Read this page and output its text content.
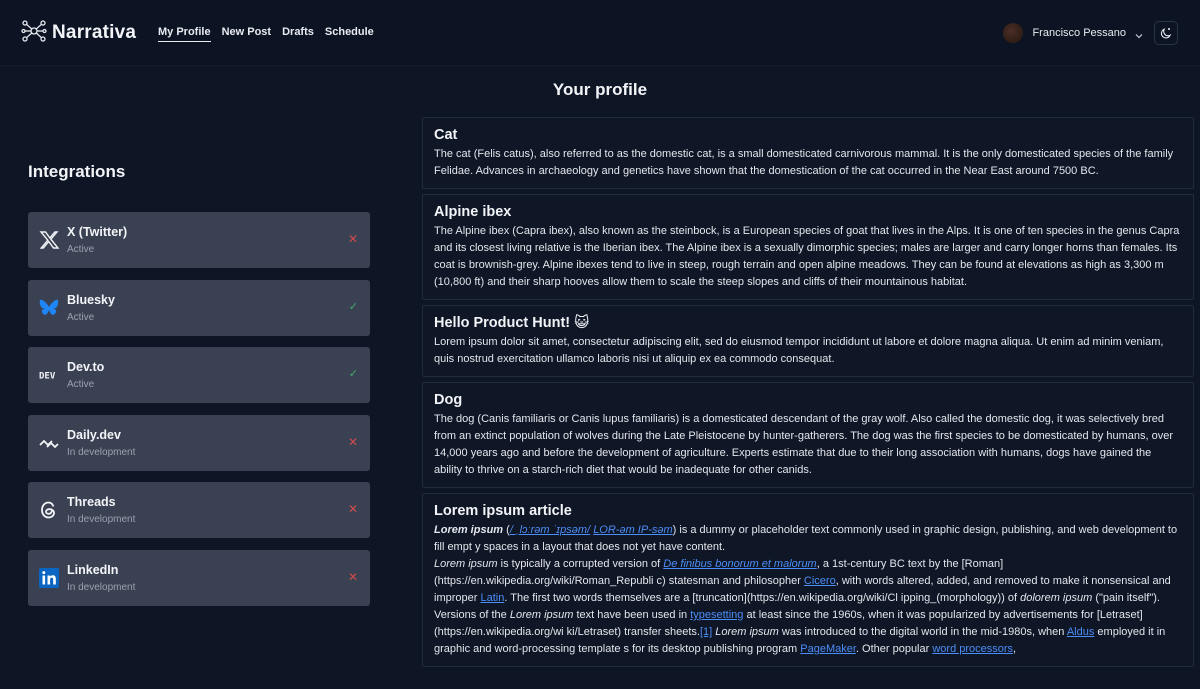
Narrativa My Profile New Post Drafts Schedule	Francisco Pessano
Your profile
Integrations
X (Twitter)
Active
✕
Bluesky
Active
✓
DEV
Dev.to
Active
✓
Daily.dev
In development
✕
Threads
In development
✕
LinkedIn
In development
✕
Cat
The cat (Felis catus), also referred to as the domestic cat, is a small domesticated carnivorous mammal. It is the only domesticated species of the family Felidae. Advances in archaeology and genetics have shown that the domestication of the cat occurred in the Near East around 7500 BC.
Alpine ibex
The Alpine ibex (Capra ibex), also known as the steinbock, is a European species of goat that lives in the Alps. It is one of ten species in the genus Capra and its closest living relative is the Iberian ibex. The Alpine ibex is a sexually dimorphic species; males are larger and carry longer horns than females. Its coat is brownish-grey. Alpine ibexes tend to live in steep, rough terrain and open alpine meadows. They can be found at elevations as high as 3,300 m (10,800 ft) and their sharp hooves allow them to scale the steep slopes and cliffs of their mountainous habitat.
Hello Product Hunt! 😺
Lorem ipsum dolor sit amet, consectetur adipiscing elit, sed do eiusmod tempor incididunt ut labore et dolore magna aliqua. Ut enim ad minim veniam, quis nostrud exercitation ullamco laboris nisi ut aliquip ex ea commodo consequat.
Dog
The dog (Canis familiaris or Canis lupus familiaris) is a domesticated descendant of the gray wolf. Also called the domestic dog, it was selectively bred from an extinct population of wolves during the Late Pleistocene by hunter-gatherers. The dog was the first species to be domesticated by humans, over 14,000 years ago and before the development of agriculture. Experts estimate that due to their long association with humans, dogs have gained the ability to thrive on a starch-rich diet that would be inadequate for other canids.
Lorem ipsum article
Lorem ipsum (/ ˌlɔːrəm ˈɪpsəm/ LOR-əm IP-səm) is a dummy or placeholder text commonly used in graphic design, publishing, and web development to fill empt y spaces in a layout that does not yet have content.
Lorem ipsum is typically a corrupted version of De finibus bonorum et malorum, a 1st-century BC text by the [Roman](https://en.wikipedia.org/wiki/Roman_Republi c) statesman and philosopher Cicero, with words altered, added, and removed to make it nonsensical and improper Latin. The first two words themselves are a [truncation](https://en.wikipedia.org/wiki/Cl ipping_(morphology)) of dolorem ipsum ("pain itself").
Versions of the Lorem ipsum text have been used in typesetting at least since the 1960s, when it was popularized by advertisements for [Letraset](https://en.wikipedia.org/wi ki/Letraset) transfer sheets.[1] Lorem ipsum was introduced to the digital world in the mid-1980s, when Aldus employed it in graphic and word-processing template s for its desktop publishing program PageMaker. Other popular word processors,
